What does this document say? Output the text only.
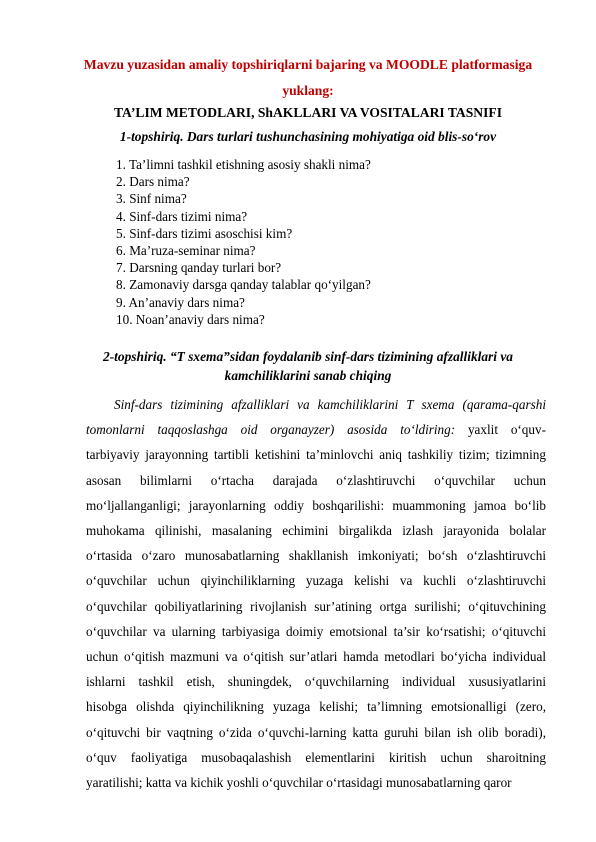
Mavzu yuzasidan amaliy topshiriqlarni bajaring va MOODLE platformasiga
yuklang:
TA’LIM METODLARI, ShAKLLARI VA VOSITALARI TASNIFI
1-topshiriq. Dars turlari tushunchasining mohiyatiga oid blis-so‘rov
1. Ta’limni tashkil etishning asosiy shakli nima?
2. Dars nima?
3. Sinf nima?
4. Sinf-dars tizimi nima?
5. Sinf-dars tizimi asoschisi kim?
6. Ma’ruza-seminar nima?
7. Darsning qanday turlari bor?
8. Zamonaviy darsga qanday talablar qo‘yilgan?
9. An’anaviy dars nima?
10. Noan’anaviy dars nima?
2-topshiriq. “T sxema”sidan foydalanib sinf-dars tizimining afzalliklari va
kamchiliklarini sanab chiqing
Sinf-dars tizimining afzalliklari va kamchiliklarini T sxema (qarama-qarshi
tomonlarni taqqoslashga oid organayzer) asosida to‘ldiring: yaxlit o‘quv-
tarbiyaviy jarayonning tartibli ketishini ta’minlovchi aniq tashkiliy tizim; tizimning
asosan bilimlarni o‘rtacha darajada o‘zlashtiruvchi o‘quvchilar uchun
mo‘ljallanganligi; jarayonlarning oddiy boshqarilishi: muammoning jamoa bo‘lib
muhokama qilinishi, masalaning echimini birgalikda izlash jarayonida bolalar
o‘rtasida o‘zaro munosabatlarning shakllanish imkoniyati; bo‘sh o‘zlashtiruvchi
o‘quvchilar uchun qiyinchiliklarning yuzaga kelishi va kuchli o‘zlashtiruvchi
o‘quvchilar qobiliyatlarining rivojlanish sur’atining ortga surilishi; o‘qituvchining
o‘quvchilar va ularning tarbiyasiga doimiy emotsional ta’sir ko‘rsatishi; o‘qituvchi
uchun o‘qitish mazmuni va o‘qitish sur’atlari hamda metodlari bo‘yicha individual
ishlarni tashkil etish, shuningdek, o‘quvchilarning individual xususiyatlarini
hisobga olishda qiyinchilikning yuzaga kelishi; ta’limning emotsionalligi (zero,
o‘qituvchi bir vaqtning o‘zida o‘quvchi-larning katta guruhi bilan ish olib boradi),
o‘quv faoliyatiga musobaqalashish elementlarini kiritish uchun sharoitning
yaratilishi; katta va kichik yoshli o‘quvchilar o‘rtasidagi munosabatlarning qaror
